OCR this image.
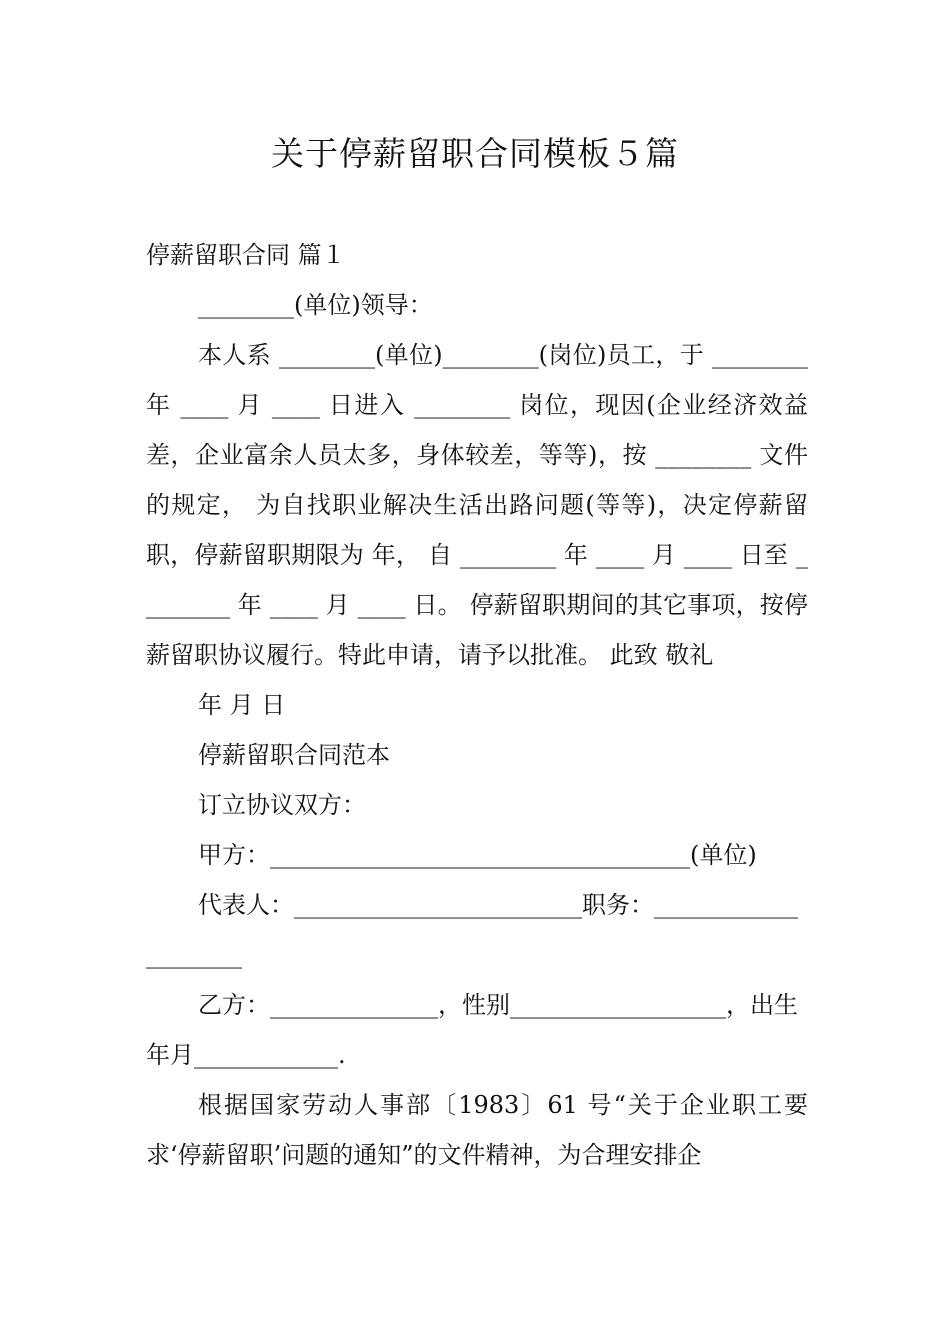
关于停薪留职合同模板５篇

停薪留职合同 篇１

________(单位)领导：

本人系 ________(单位)________(岗位)员工，于 ________ 年 ____ 月 ____ 日进入 ________ 岗位，现因(企业经济效益差，企业富余人员太多，身体较差，等等)，按 ________ 文件的规定， 为自找职业解决生活出路问题(等等)，决定停薪留职，停薪留职期限为 年， 自 ________ 年 ____ 月 ____ 日至 ________ 年 ____ 月 ____ 日。 停薪留职期间的其它事项，按停薪留职协议履行。特此申请，请予以批准。 此致 敬礼

年 月 日

停薪留职合同范本

订立协议双方：

甲方：___________________________________(单位)

代表人：________________________职务：____________________

乙方：______________，性别__________________，出生年月____________.

根据国家劳动人事部〔1983〕61 号“关于企业职工要求‘停薪留职’问题的通知”的文件精神，为合理安排企
